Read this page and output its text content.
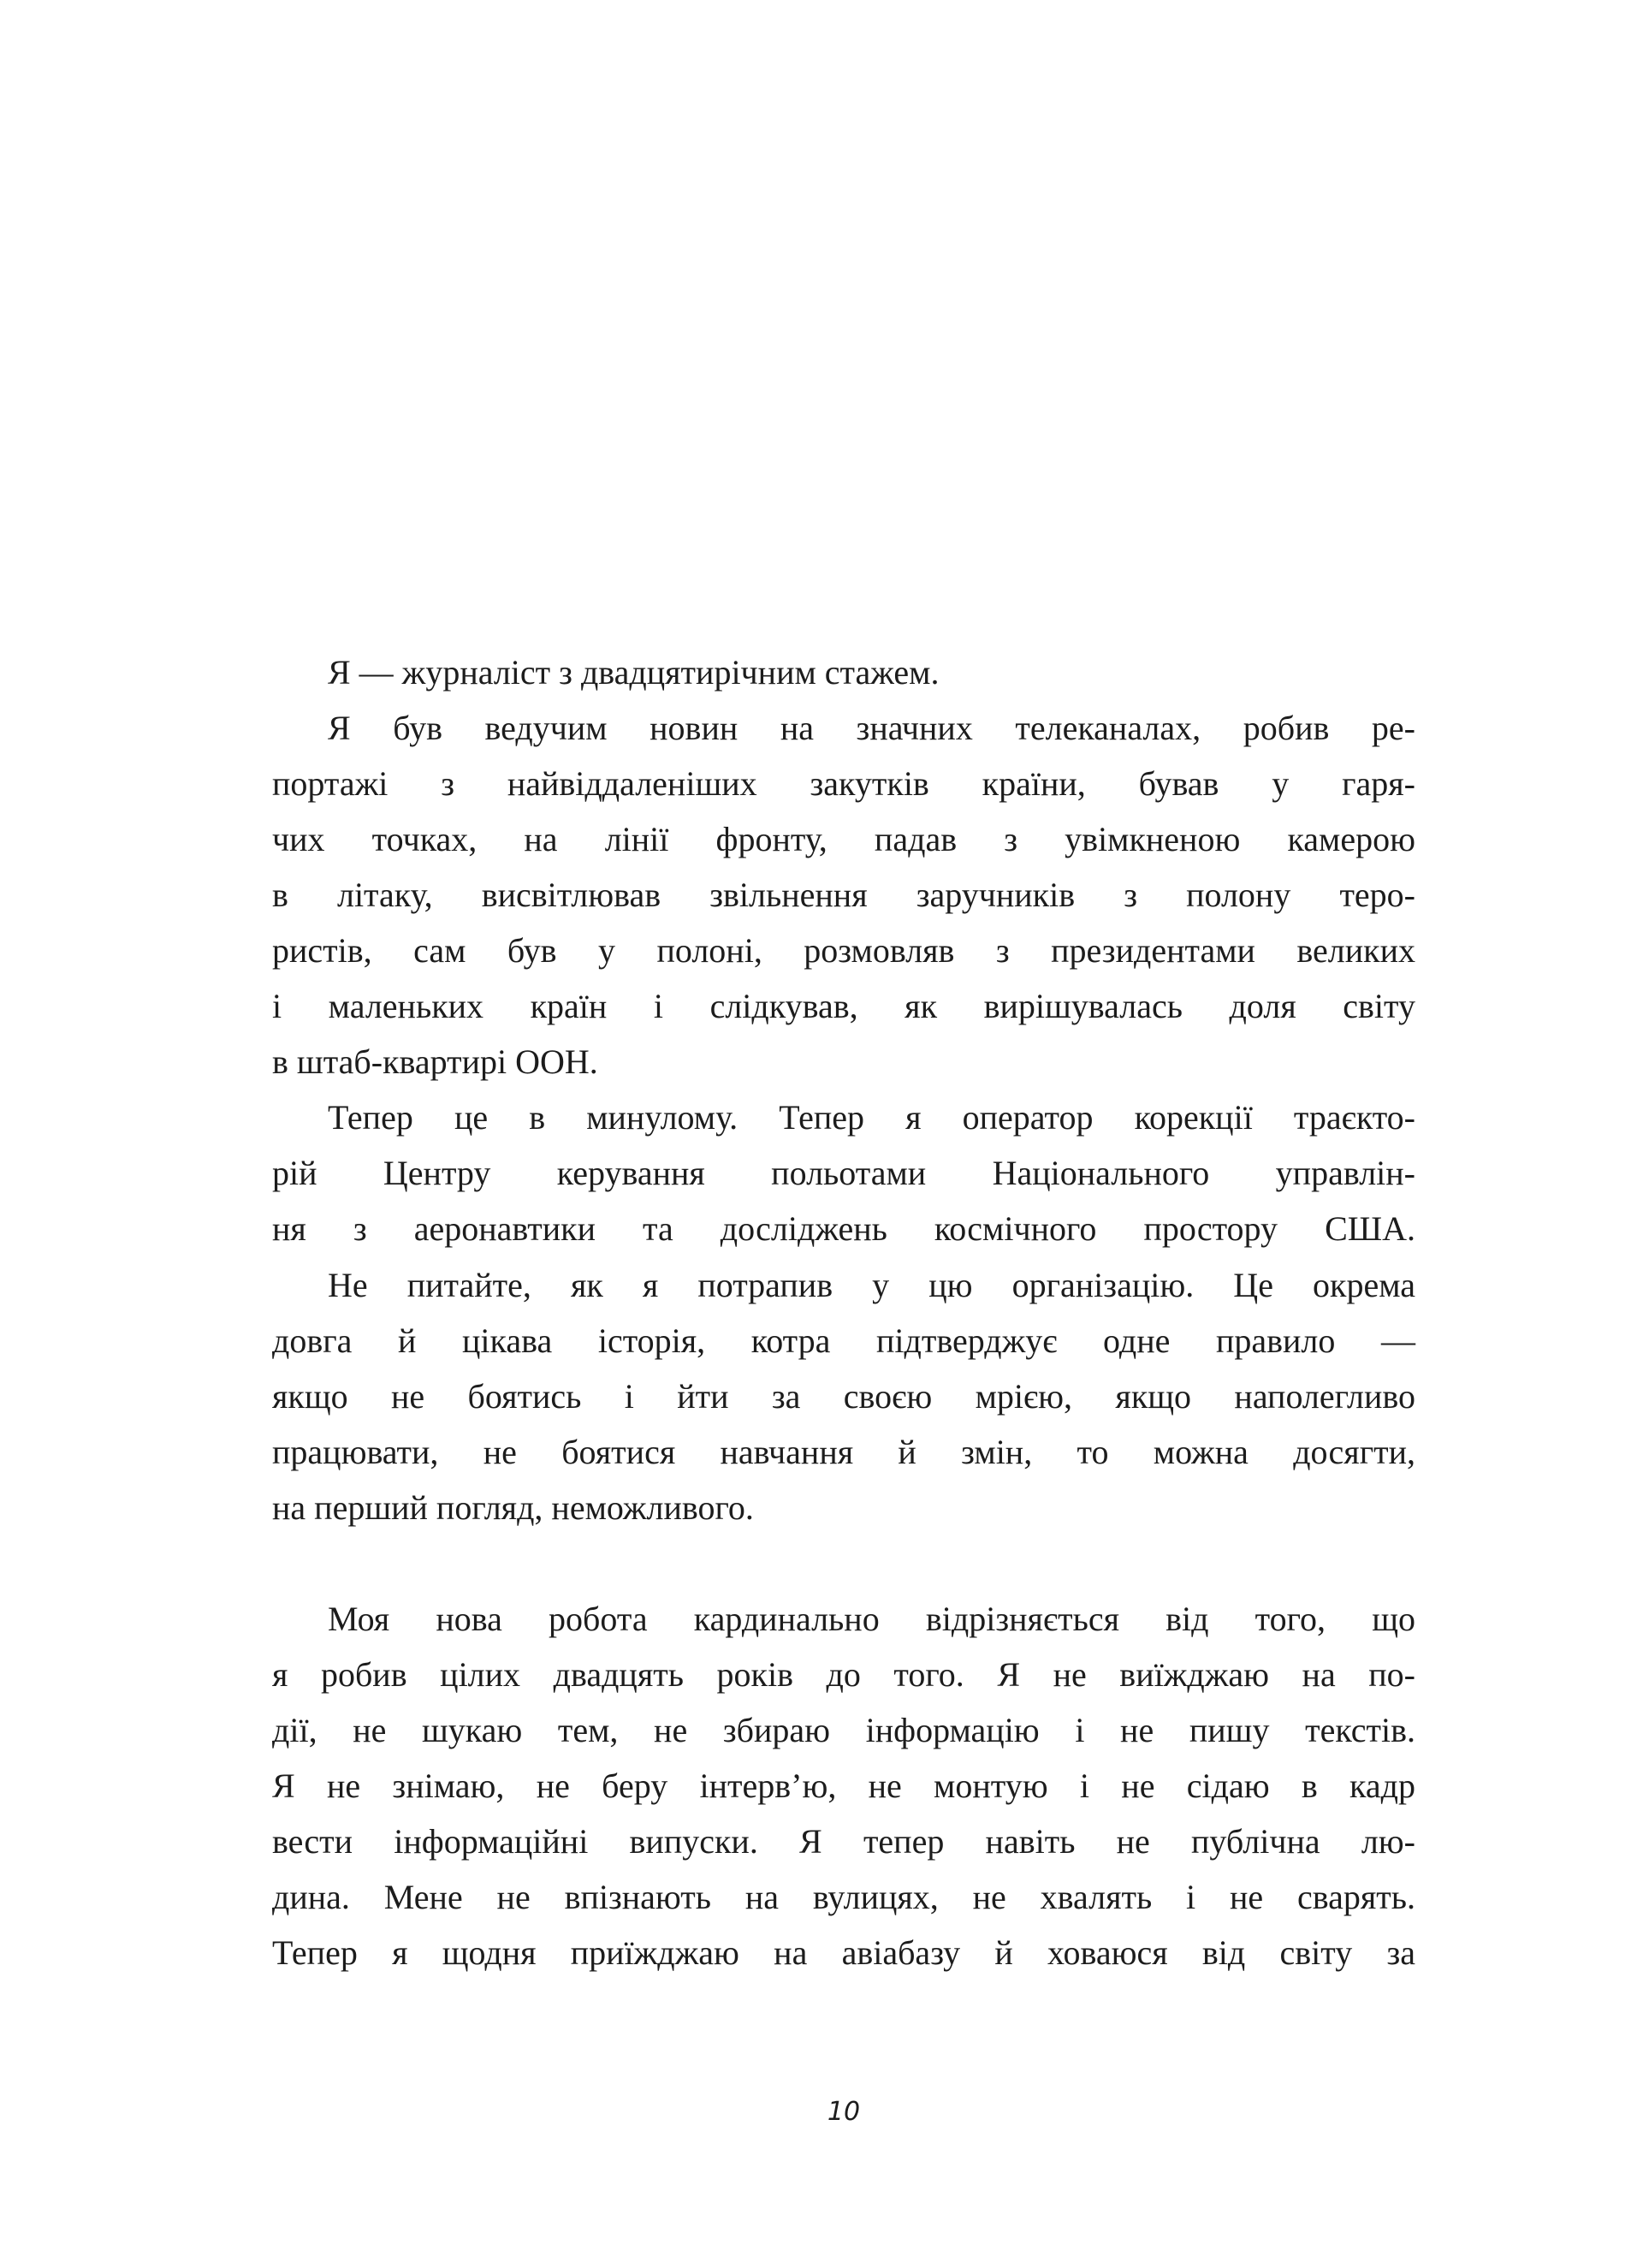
Я — журналіст з двадцятирічним стажем.
Я був ведучим новин на значних телеканалах, робив ре-
портажі з найвіддаленіших закутків країни, бував у гаря-
чих точках, на лінії фронту, падав з увімкненою камерою
в літаку, висвітлював звільнення заручників з полону теро-
ристів, сам був у полоні, розмовляв з президентами великих
і маленьких країн і слідкував, як вирішувалась доля світу
в штаб-квартирі ООН.
Тепер це в минулому. Тепер я оператор корекції траєкто-
рій Центру керування польотами Національного управлін-
ня з аеронавтики та досліджень космічного простору США.
Не питайте, як я потрапив у цю організацію. Це окрема
довга й цікава історія, котра підтверджує одне правило —
якщо не боятись і йти за своєю мрією, якщо наполегливо
працювати, не боятися навчання й змін, то можна досягти,
на перший погляд, неможливого.
Моя нова робота кардинально відрізняється від того, що
я робив цілих двадцять років до того. Я не виїжджаю на по-
дії, не шукаю тем, не збираю інформацію і не пишу текстів.
Я не знімаю, не беру інтерв’ю, не монтую і не сідаю в кадр
вести інформаційні випуски. Я тепер навіть не публічна лю-
дина. Мене не впізнають на вулицях, не хвалять і не сварять.
Тепер я щодня приїжджаю на авіабазу й ховаюся від світу за
10
